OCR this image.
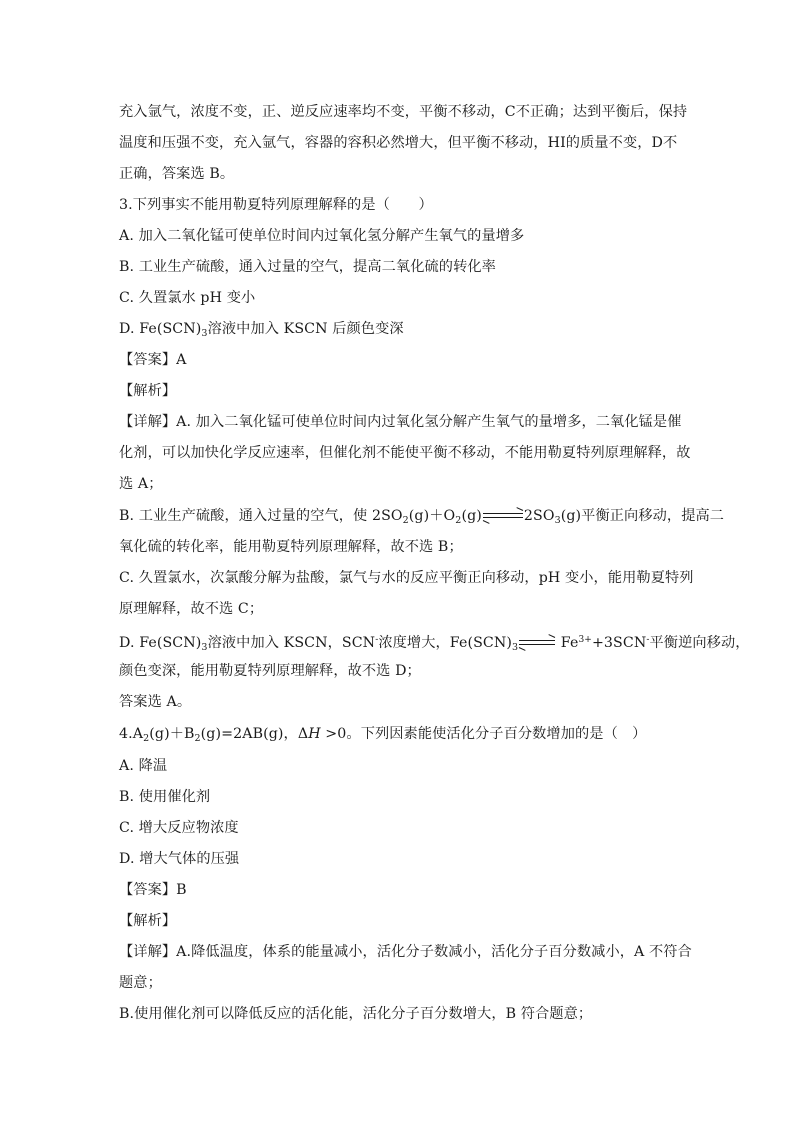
充入氩气，浓度不变，正、逆反应速率均不变，平衡不移动，C不正确；达到平衡后，保持
温度和压强不变，充入氩气，容器的容积必然增大，但平衡不移动，HI的质量不变，D不
正确，答案选 B。
3.下列事实不能用勒夏特列原理解释的是（　　）
A. 加入二氧化锰可使单位时间内过氧化氢分解产生氧气的量增多
B. 工业生产硫酸，通入过量的空气，提高二氧化硫的转化率
C. 久置氯水 pH 变小
D. $Fe(SCN)_3$溶液中加入 KSCN 后颜色变深
【答案】A
【解析】
【详解】A. 加入二氧化锰可使单位时间内过氧化氢分解产生氧气的量增多，二氧化锰是催
化剂，可以加快化学反应速率，但催化剂不能使平衡不移动，不能用勒夏特列原理解释，故
选 A；
B. 工业生产硫酸，通入过量的空气，使 $2SO_2(g)+O_2(g)$	$2SO_3(g)$平衡正向移动，提高二
氧化硫的转化率，能用勒夏特列原理解释，故不选 B；
C. 久置氯水，次氯酸分解为盐酸，氯气与水的反应平衡正向移动，pH 变小，能用勒夏特列
原理解释，故不选 C；
D. $Fe(SCN)_3$溶液中加入 KSCN，SCN-浓度增大，$Fe(SCN)_3$	$Fe^{3+}+3SCN^-$平衡逆向移动，
颜色变深，能用勒夏特列原理解释，故不选 D；
答案选 A。
$4.A_2(g)+B_2(g)=2AB(g)$，ΔH >0。下列因素能使活化分子百分数增加的是（　）
A. 降温
B. 使用催化剂
C. 增大反应物浓度
D. 增大气体的压强
【答案】B
【解析】
【详解】A.降低温度，体系的能量减小，活化分子数减小，活化分子百分数减小，A 不符合
题意；
B.使用催化剂可以降低反应的活化能，活化分子百分数增大，B 符合题意；
